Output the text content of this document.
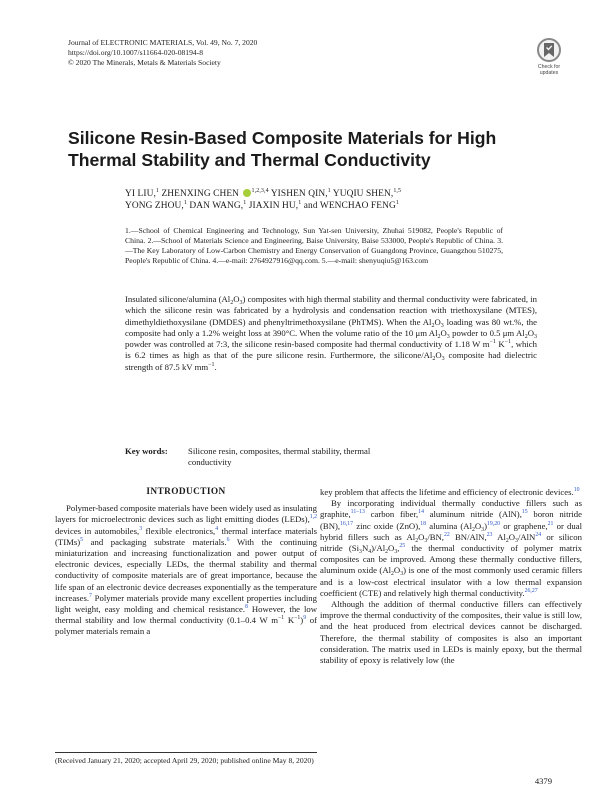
Journal of ELECTRONIC MATERIALS, Vol. 49, No. 7, 2020
https://doi.org/10.1007/s11664-020-08194-8
© 2020 The Minerals, Metals & Materials Society	Check for
updates
Silicone Resin-Based Composite Materials for High Thermal Stability and Thermal Conductivity
YI LIU,$^1$ ZHENXING CHEN $^{1,2,3,4}$ YISHEN QIN,$^1$ YUQIU SHEN,$^{1,5}$
YONG ZHOU,$^1$ DAN WANG,$^1$ JIAXIN HU,$^1$ and WENCHAO FENG$^1$
1.—School of Chemical Engineering and Technology, Sun Yat-sen University, Zhuhai 519082, People's Republic of China. 2.—School of Materials Science and Engineering, Baise University, Baise 533000, People's Republic of China. 3.—The Key Laboratory of Low-Carbon Chemistry and Energy Conservation of Guangdong Province, Guangzhou 510275, People's Republic of China. 4.—e-mail: 2764927916@qq.com. 5.—e-mail: shenyuqiu5@163.com
Insulated silicone/alumina $(Al_2O_3)$ composites with high thermal stability and thermal conductivity were fabricated, in which the silicone resin was fabricated by a hydrolysis and condensation reaction with triethoxysilane (MTES), dimethyldiethoxysilane (DMDES) and phenyltrimethoxysilane (PhTMS). When the $Al_2O_3$ loading was 80 wt.%, the composite had only a 1.2% weight loss at 390°C. When the volume ratio of the 10 μm $Al_2O_3$ powder to 0.5 μm $Al_2O_3$ powder was controlled at 7:3, the silicone resin-based composite had thermal conductivity of 1.18 W $m^{-1}$ $K^{-1}$, which is 6.2 times as high as that of the pure silicone resin. Furthermore, the silicone/$Al_2O_3$ composite had dielectric strength of 87.5 kV $mm^{-1}$.
Key words:	Silicone resin, composites, thermal stability, thermal conductivity
INTRODUCTION

Polymer-based composite materials have been widely used as insulating layers for microelectronic devices such as light emitting diodes (LEDs),$^{1,2}$ devices in automobiles,$^3$ flexible electronics,$^4$ thermal interface materials (TIMs)$^5$ and packaging substrate materials.$^6$ With the continuing miniaturization and increasing functionalization and power output of electronic devices, especially LEDs, the thermal stability and thermal conductivity of composite materials are of great importance, because the life span of an electronic device decreases exponentially as the temperature increases.$^7$ Polymer materials provide many excellent properties including light weight, easy molding and chemical resistance.$^8$ However, the low thermal stability and low thermal conductivity (0.1–0.4 W $m^{-1}$ $K^{-1})^9$ of polymer materials remain a

key problem that affects the lifetime and efficiency of electronic devices.$^{10}$

By incorporating individual thermally conductive fillers such as graphite,$^{11-13}$ carbon fiber,$^{14}$ aluminum nitride (AlN),$^{15}$ boron nitride (BN),$^{16,17}$ zinc oxide (ZnO),$^{18}$ alumina $(Al_2O_3)^{19,20}$ or graphene,$^{21}$ or dual hybrid fillers such as $Al_2O_3/BN,^{22}$ BN/AlN,$^{23}$ $Al_2O_3/AlN^{24}$ or silicon nitride $(Si_3N_4)/Al_2O_3,^{25}$ the thermal conductivity of polymer matrix composites can be improved. Among these thermally conductive fillers, aluminum oxide $(Al_2O_3)$ is one of the most commonly used ceramic fillers and is a low-cost electrical insulator with a low thermal expansion coefficient (CTE) and relatively high thermal conductivity.$^{26,27}$

Although the addition of thermal conductive fillers can effectively improve the thermal conductivity of the composites, their value is still low, and the heat produced from electrical devices cannot be discharged. Therefore, the thermal stability of composites is also an important consideration. The matrix used in LEDs is mainly epoxy, but the thermal stability of epoxy is relatively low (the

(Received January 21, 2020; accepted April 29, 2020; published online May 8, 2020)
4379
